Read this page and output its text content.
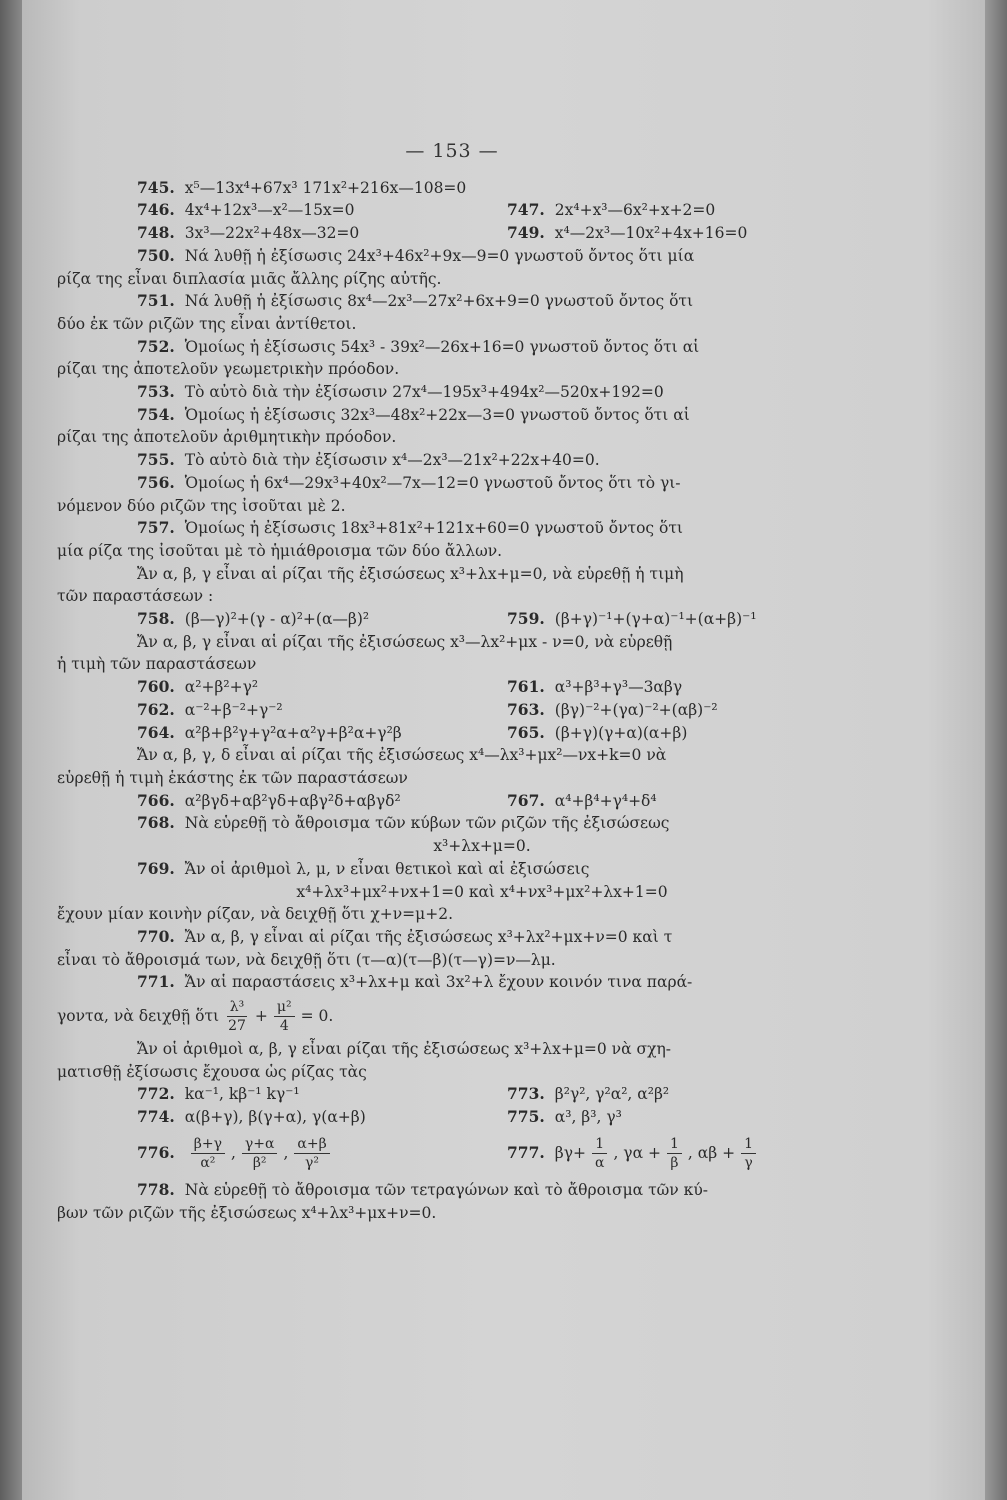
— 153 —
745. x⁵—13x⁴+67x³ 171x²+216x—108=0
746. 4x⁴+12x³—x²—15x=0	747. 2x⁴+x³—6x²+x+2=0
748. 3x³—22x²+48x—32=0	749. x⁴—2x³—10x²+4x+16=0
750. Νά λυθῇ ἡ ἐξίσωσις 24x³+46x²+9x—9=0 γνωστοῦ ὄντος ὅτι μία
ρίζα της εἶναι διπλασία μιᾶς ἄλλης ρίζης αὐτῆς.
751. Νά λυθῇ ἡ ἐξίσωσις 8x⁴—2x³—27x²+6x+9=0 γνωστοῦ ὄντος ὅτι
δύο ἐκ τῶν ριζῶν της εἶναι ἀντίθετοι.
752. Ὁμοίως ἡ ἐξίσωσις 54x³ - 39x²—26x+16=0 γνωστοῦ ὄντος ὅτι αἱ
ρίζαι της ἀποτελοῦν γεωμετρικὴν πρόοδον.
753. Τὸ αὐτὸ διὰ τὴν ἐξίσωσιν 27x⁴—195x³+494x²—520x+192=0
754. Ὁμοίως ἡ ἐξίσωσις 32x³—48x²+22x—3=0 γνωστοῦ ὄντος ὅτι αἱ
ρίζαι της ἀποτελοῦν ἀριθμητικὴν πρόοδον.
755. Τὸ αὐτὸ διὰ τὴν ἐξίσωσιν x⁴—2x³—21x²+22x+40=0.
756. Ὁμοίως ἡ 6x⁴—29x³+40x²—7x—12=0 γνωστοῦ ὄντος ὅτι τὸ γι-
νόμενον δύο ριζῶν της ἰσοῦται μὲ 2.
757. Ὁμοίως ἡ ἐξίσωσις 18x³+81x²+121x+60=0 γνωστοῦ ὄντος ὅτι
μία ρίζα της ἰσοῦται μὲ τὸ ἡμιάθροισμα τῶν δύο ἄλλων.
Ἄν α, β, γ εἶναι αἱ ρίζαι τῆς ἐξισώσεως x³+λx+μ=0, νὰ εὑρεθῇ ἡ τιμὴ
τῶν παραστάσεων :
758. (β—γ)²+(γ - α)²+(α—β)²	759. (β+γ)⁻¹+(γ+α)⁻¹+(α+β)⁻¹
Ἄν α, β, γ εἶναι αἱ ρίζαι τῆς ἐξισώσεως x³—λx²+μx - ν=0, νὰ εὑρεθῇ
ἡ τιμὴ τῶν παραστάσεων
760. α²+β²+γ²	761. α³+β³+γ³—3αβγ
762. α⁻²+β⁻²+γ⁻²	763. (βγ)⁻²+(γα)⁻²+(αβ)⁻²
764. α²β+β²γ+γ²α+α²γ+β²α+γ²β	765. (β+γ)(γ+α)(α+β)
Ἄν α, β, γ, δ εἶναι αἱ ρίζαι τῆς ἐξισώσεως x⁴—λx³+μx²—νx+k=0 νὰ
εὑρεθῇ ἡ τιμὴ ἑκάστης ἐκ τῶν παραστάσεων
766. α²βγδ+αβ²γδ+αβγ²δ+αβγδ²	767. α⁴+β⁴+γ⁴+δ⁴
768. Νὰ εὑρεθῇ τὸ ἄθροισμα τῶν κύβων τῶν ριζῶν τῆς ἐξισώσεως
x³+λx+μ=0.
769. Ἄν οἱ ἀριθμοὶ λ, μ, ν εἶναι θετικοὶ καὶ αἱ ἐξισώσεις
x⁴+λx³+μx²+νx+1=0 καὶ x⁴+νx³+μx²+λx+1=0
ἔχουν μίαν κοινὴν ρίζαν, νὰ δειχθῇ ὅτι χ+ν=μ+2.
770. Ἄν α, β, γ εἶναι αἱ ρίζαι τῆς ἐξισώσεως x³+λx²+μx+ν=0 καὶ τ
εἶναι τὸ ἄθροισμά των, νὰ δειχθῇ ὅτι (τ—α)(τ—β)(τ—γ)=ν—λμ.
771. Ἄν αἱ παραστάσεις x³+λx+μ καὶ 3x²+λ ἔχουν κοινόν τινα παρά-
γοντα, νὰ δειχθῇ ὅτι $\frac{\text{λ³}}{27} + \frac{\text{μ²}}{4} = 0$.
Ἄν οἱ ἀριθμοὶ α, β, γ εἶναι ρίζαι τῆς ἐξισώσεως x³+λx+μ=0 νὰ σχη-
ματισθῇ ἐξίσωσις ἔχουσα ὡς ρίζας τὰς
772. kα⁻¹, kβ⁻¹ kγ⁻¹	773. β²γ², γ²α², α²β²
774. α(β+γ), β(γ+α), γ(α+β)	775. α³, β³, γ³
776. $\frac{\beta+\gamma}{\text{α²}}$ , $\frac{\gamma+\alpha}{\text{β²}}$ , $\frac{\alpha+\beta}{\text{γ²}}$	777. $\beta\gamma+ \frac{1}{\alpha}$ , $\gamma\alpha + \frac{1}{\beta}$ , $\alpha\beta + \frac{1}{\gamma}$
778. Νὰ εὑρεθῇ τὸ ἄθροισμα τῶν τετραγώνων καὶ τὸ ἄθροισμα τῶν κύ-
βων τῶν ριζῶν τῆς ἐξισώσεως x⁴+λx³+μx+ν=0.
